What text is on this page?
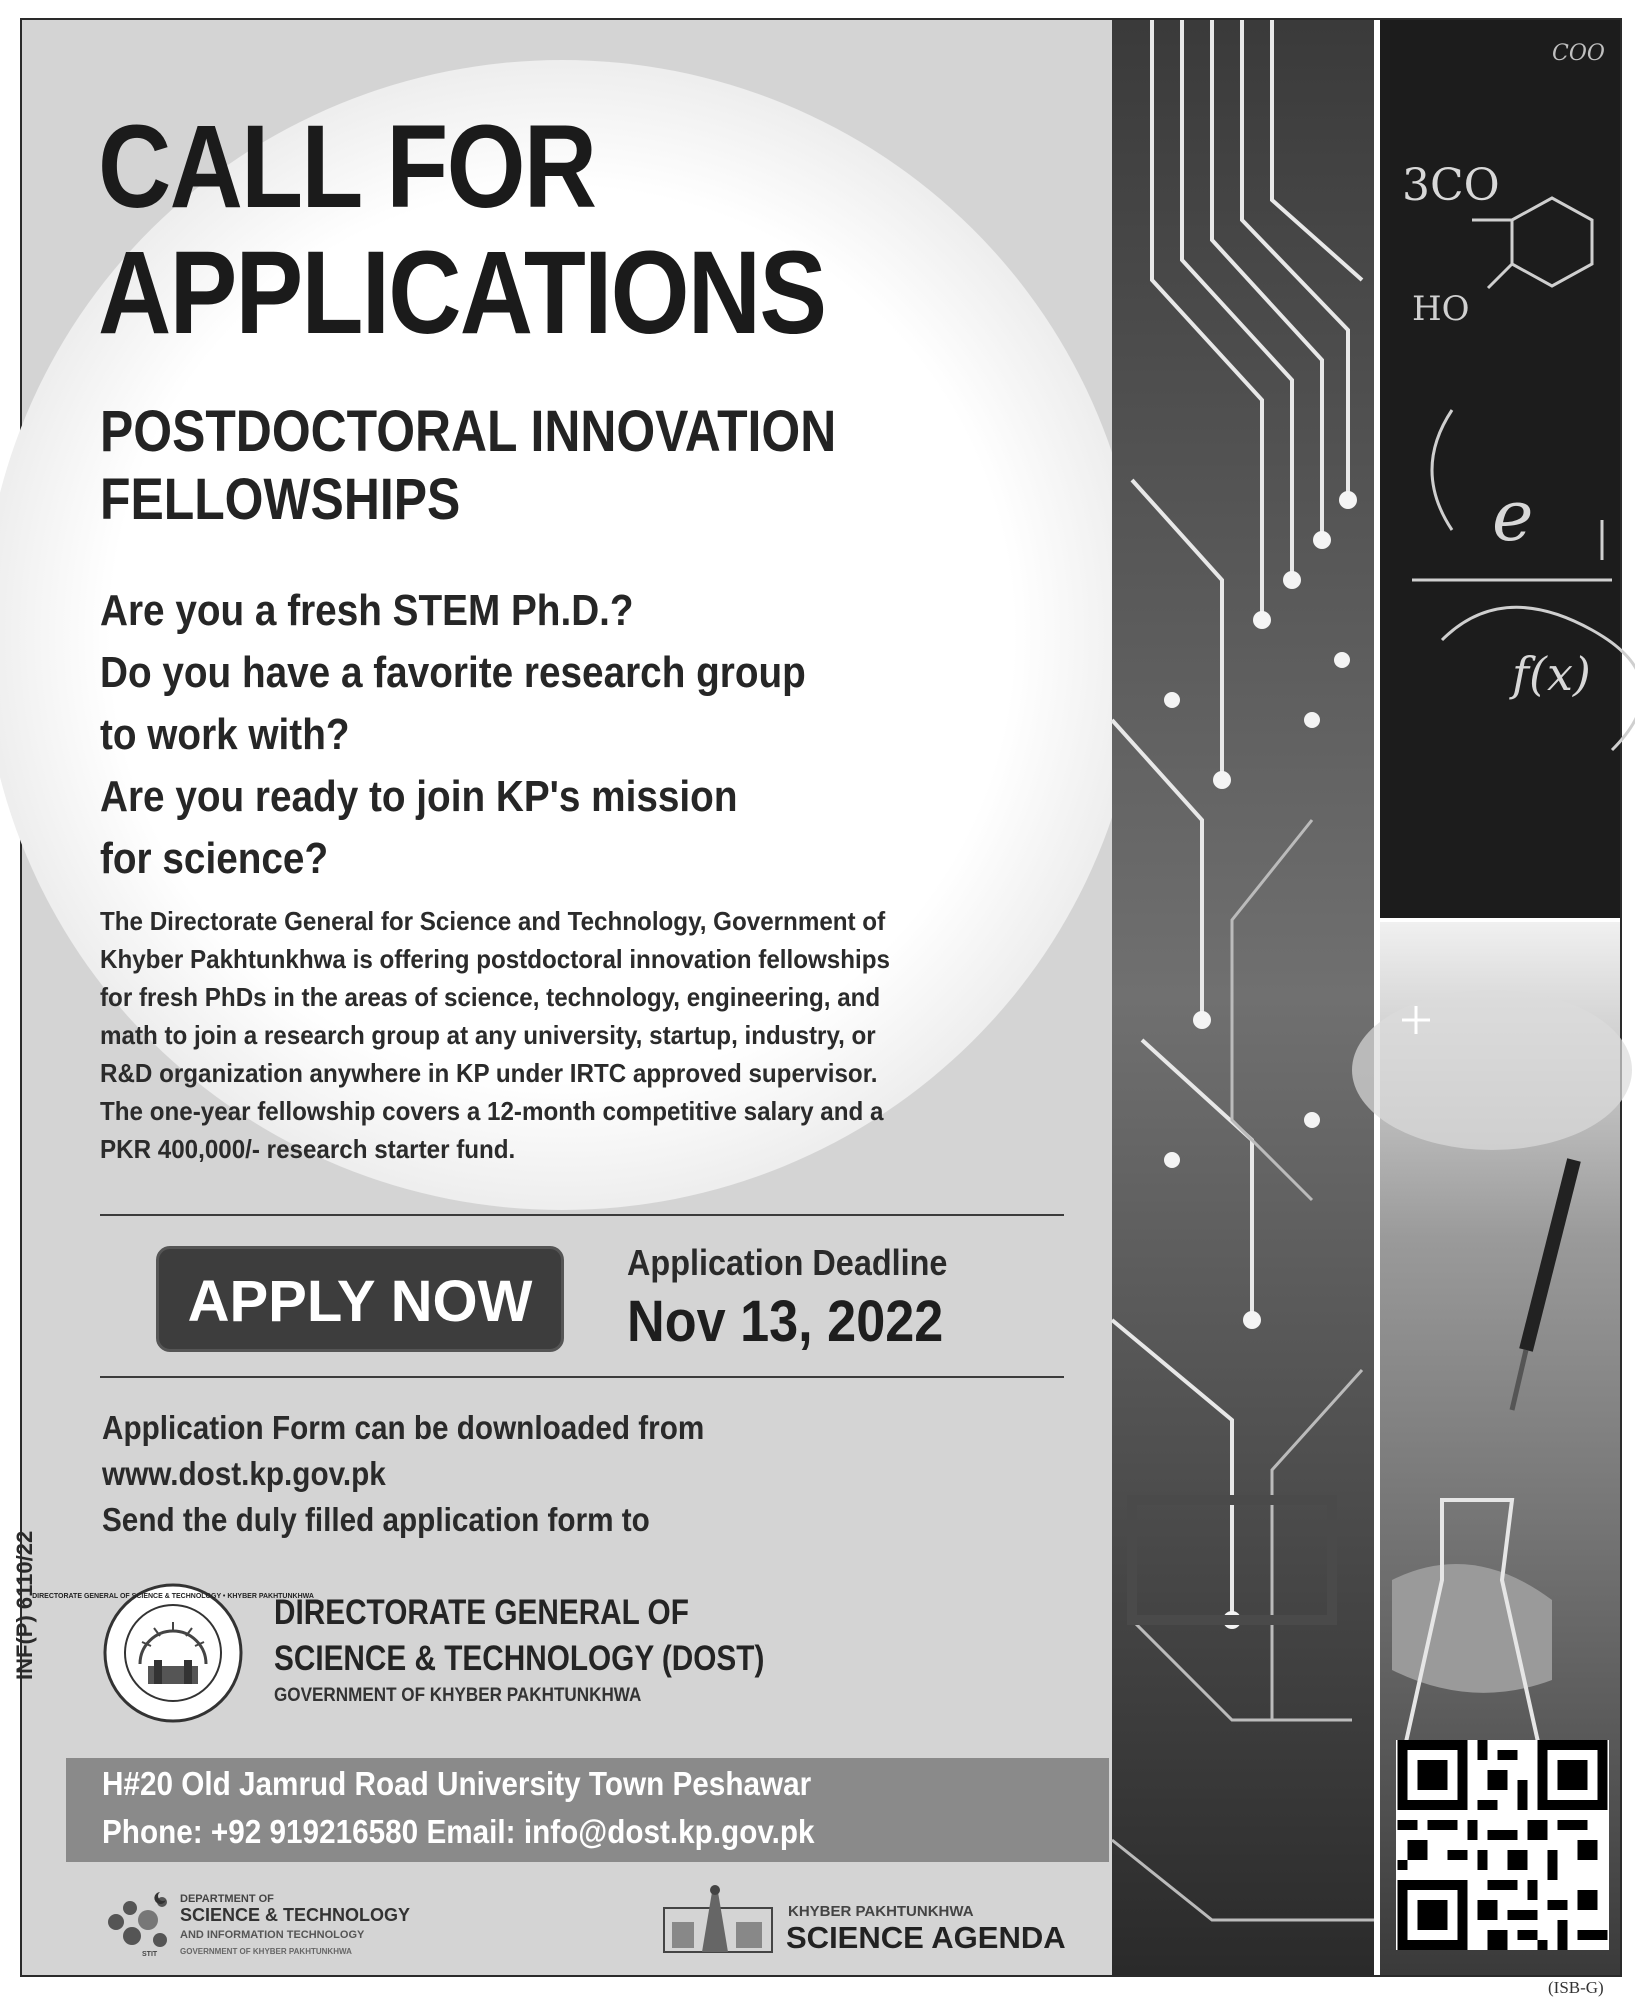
CALL FOR
APPLICATIONS
POSTDOCTORAL INNOVATION
FELLOWSHIPS
Are you a fresh STEM Ph.D.?
Do you have a favorite research group
to work with?
Are you ready to join KP's mission
for science?
The Directorate General for Science and Technology, Government of
Khyber Pakhtunkhwa is offering postdoctoral innovation fellowships
for fresh PhDs in the areas of science, technology, engineering, and
math to join a research group at any university, startup, industry, or
R&D organization anywhere in KP under IRTC approved supervisor.
The one-year fellowship covers a 12-month competitive salary and a
PKR 400,000/- research starter fund.
APPLY NOW
Application Deadline
Nov 13, 2022
Application Form can be downloaded from
www.dost.kp.gov.pk
Send the duly filled application form to
DIRECTORATE GENERAL OF SCIENCE & TECHNOLOGY • KHYBER PAKHTUNKHWA
DIRECTORATE GENERAL OF
SCIENCE & TECHNOLOGY (DOST)
GOVERNMENT OF KHYBER PAKHTUNKHWA
INF(P) 6110/22
H#20 Old Jamrud Road University Town Peshawar
Phone: +92 919216580 Email: info@dost.kp.gov.pk
STIT
DEPARTMENT OF
SCIENCE & TECHNOLOGY
AND INFORMATION TECHNOLOGY
GOVERNMENT OF KHYBER PAKHTUNKHWA
KHYBER PAKHTUNKHWA
SCIENCE AGENDA
3CO
HO
e
f(x)
COO
(ISB-G)
